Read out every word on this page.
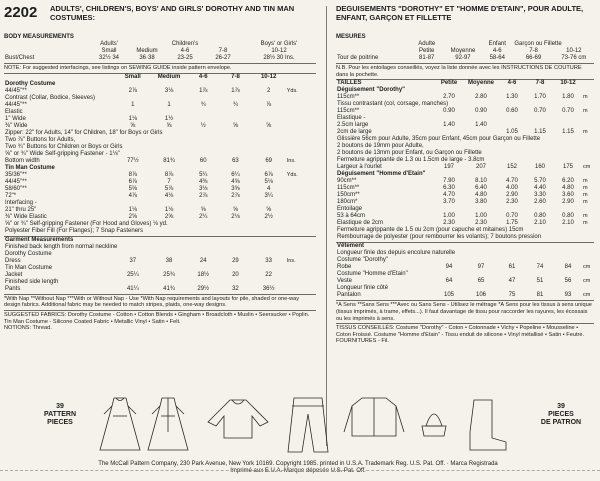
2202 ADULTS', CHILDREN'S, BOYS' AND GIRLS' DOROTHY AND TIN MAN COSTUMES:
DEGUISEMENTS "DOROTHY" ET "HOMME D'ETAIN", POUR ADULTE, ENFANT, GARÇON ET FILLETTE
BODY MEASUREMENTS
	Adults'		Children's		Boys' or Girls'
	Small	Medium	4-6	7-8	10-12
Bust/Chest	32½ 34	36·38	23-25	26-27	28½ 30 Ins.
NOTE: For suggested interfacings, see listings on SEWING GUIDE inside pattern envelope.
	Small	Medium	4-6	7-8	10-12	
Dorothy Costume						
44/45"**	2⅞	3⅛	1⅞	1⅞	2	Yds.
Contrast (Collar, Bodice, Sleeves)						
44/45"**	1	1	¾	¾	⅞	
Elastic						
1" Wide	1⅛	1½				
⅜" Wide	⅝	⅝	½	⅝	⅝	
Zipper: 22" for Adults, 14" for Children, 18" for Boys or Girls						
Two ⅞" Buttons for Adults,						
Two ¾" Buttons for Children or Boys or Girls						
⅝" or ¾" Wide Self-gripping Fastener - 1⅛"						
Bottom width	77½	81¾	60	63	69	Ins.
Tin Man Costume						
35/36"**	8⅞	8⅞	5¼	6¼	6⅞	Yds.
44/45"**	6⅞	7	4⅜	4⅝	5⅛	
58/60"**	5⅝	5⅞	3⅛	3⅝	4	
72"*	4⅞	4⅛	2⅞	2⅞	3¼	
Interfacing -						
21" thru 25"	1⅛	1⅛	⅝	⅝	⅝	
⅜" Wide Elastic	2⅝	2⅝	2¼	2⅛	2½	
⅝" or ¾" Self-gripping Fastener (For Hood and Gloves) ⅛ yd.						
Polyester Fiber Fill (For Flanges); 7 Snap Fasteners						
Garment Measurements						
Finished back length from normal neckline						
Dorothy Costume						
Dress	37	38	24	29	33	Ins.
Tin Man Costume						
Jacket	25¼	25¾	18½	20	22	
Finished side length						
Pants	41¼	41¾	29½	32	36½	
*With Nap **Without Nap ***With or Without Nap - Use *With Nap requirements and layouts for pile, shaded or one-way design fabrics. Additional fabric may be needed to match stripes, plaids, one-way designs.
SUGGESTED FABRICS: Dorothy Costume - Cotton • Cotton Blends • Gingham • Broadcloth • Muslin • Seersucker • Poplin. Tin Man Costume - Silicone Coated Fabric • Metallic Vinyl • Satin • Felt.
NOTIONS: Thread.
MESURES
	Adulte		Enfant	Garçon ou Fillette	
	Petite	Moyenne	4-6	7-8	10-12
Tour de poitrine	81-87	92-97	58-64	66-69	73-76 cm
N.B. Pour les entoilages conseillés, voyez la liste donnée avec les INSTRUCTIONS DE COUTURE dans la pochette.
TAILLES	Petite	Moyenne	4-6	7-8	10-12	
Déguisement "Dorothy"						
115cm**	2.70	2.80	1.30	1.70	1.80	m
Tissu contrastant (col, corsage, manches)						
115cm**	0.90	0.90	0.60	0.70	0.70	m
Elastique -						
2.5cm large	1.40	1.40				
2cm de large			1.05	1.15	1.15	m
Glissière 56cm pour Adulte, 35cm pour Enfant, 45cm pour Garçon ou Fillette						
2 boutons de 19mm pour Adulte,						
2 boutons de 13mm pour Enfant, ou Garçon ou Fillette						
Fermeture agrippante de 1.3 ou 1.5cm de large - 3.8cm						
Largeur à l'ourlet	197	207	152	160	175	cm
Déguisement "Homme d'Etain"						
90cm**	7.90	8.10	4.70	5.70	6.20	m
115cm**	6.30	6.40	4.00	4.40	4.80	m
150cm**	4.70	4.80	2.90	3.30	3.60	m
180cm*	3.70	3.80	2.30	2.60	2.90	m
Entoilage						
53 à 64cm	1.00	1.00	0.70	0.80	0.80	m
Elastique de 2cm	2.30	2.30	1.75	2.10	2.10	m
Fermeture agrippante de 1.5 ou 2cm (pour capuche et mitaines) 15cm						
Rembourrage de polyester (pour rembourrer les volants); 7 boutons pression						
Vêtement						
Longueur finie dos depuis encolure naturelle						
Costume "Dorothy"						
Robe	94	97	61	74	84	cm
Costume "Homme d'Etain"						
Veste	64	65	47	51	56	cm
Longueur finie côté						
Pantalon	105	106	75	81	93	cm
*A Sens **Sans Sens ***Avec ou Sans Sens - Utilisez le métrage *A Sens pour les tissus à sens unique (tissus imprimés, à trame, effets...). Il faut davantage de tissu pour raccorder les rayures, les écossais ou les imprimés à sens.
TISSUS CONSEILLÉS: Costume "Dorothy" - Coton • Cotonnade • Vichy • Popeline • Mousseline • Coton Froissé. Costume "Homme d'Etain" - Tissu enduit de silicone • Vinyl métallisé • Satin • Feutre.
FOURNITURES - Fil.
39
PATTERN
PIECES
39
PIECES
DE PATRON
The McCall Pattern Company, 230 Park Avenue, New York 10169. Copyright 1985. printed in U.S.A. Trademark Reg. U.S. Pat. Off. · Marca Registrada
Imprimé aux E.U.A. Marque déposée U.S. Pat. Off.
